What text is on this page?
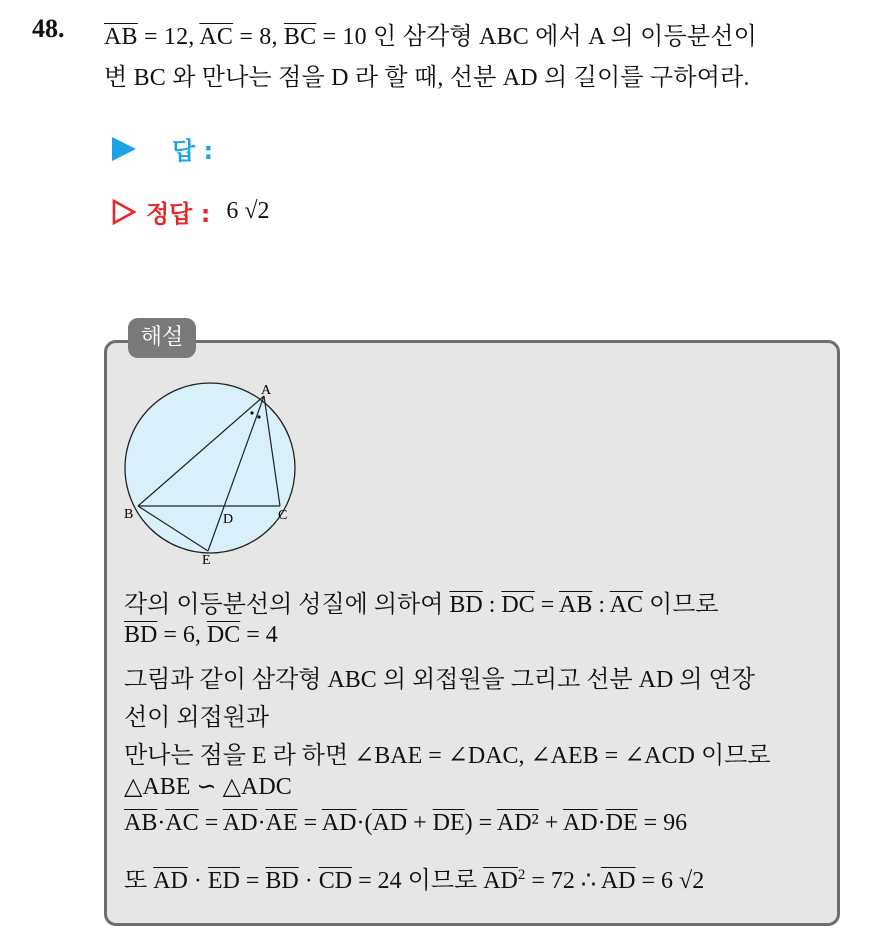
48. $\overline{AB} = 12$, $\overline{AC} = 8$, $\overline{BC} = 10$ 인 삼각형 ABC 에서 A 의 이등분선이
변 BC 와 만나는 점을 D 라 할 때, 선분 AD 의 길이를 구하여라.
답 :
정답 : 6 √2
해설
A
B	C
D
E
각의 이등분선의 성질에 의하여 $\overline{BD}$ : $\overline{DC} = \overline{AB}$ : $\overline{AC}$ 이므로
$\overline{BD} = 6$, $\overline{DC} = 4$
그림과 같이 삼각형 ABC 의 외접원을 그리고 선분 AD 의 연장
선이 외접원과
만나는 점을 E 라 하면 ∠BAE = ∠DAC, ∠AEB = ∠ACD 이므로
△ABE ∽ △ADC
$\overline{AB}\cdot\overline{AC} = \overline{AD}\cdot\overline{AE} = \overline{AD}\cdot(\overline{AD} + \overline{DE}) = AD^2 + \overline{AD}\cdot\overline{DE} = 96$
또 $\overline{AD} \cdot \overline{ED} = \overline{BD} \cdot \overline{CD} = 24$ 이므로 $\overline{AD}^2 = 72$ ∴ $\overline{AD} = 6$ √2
